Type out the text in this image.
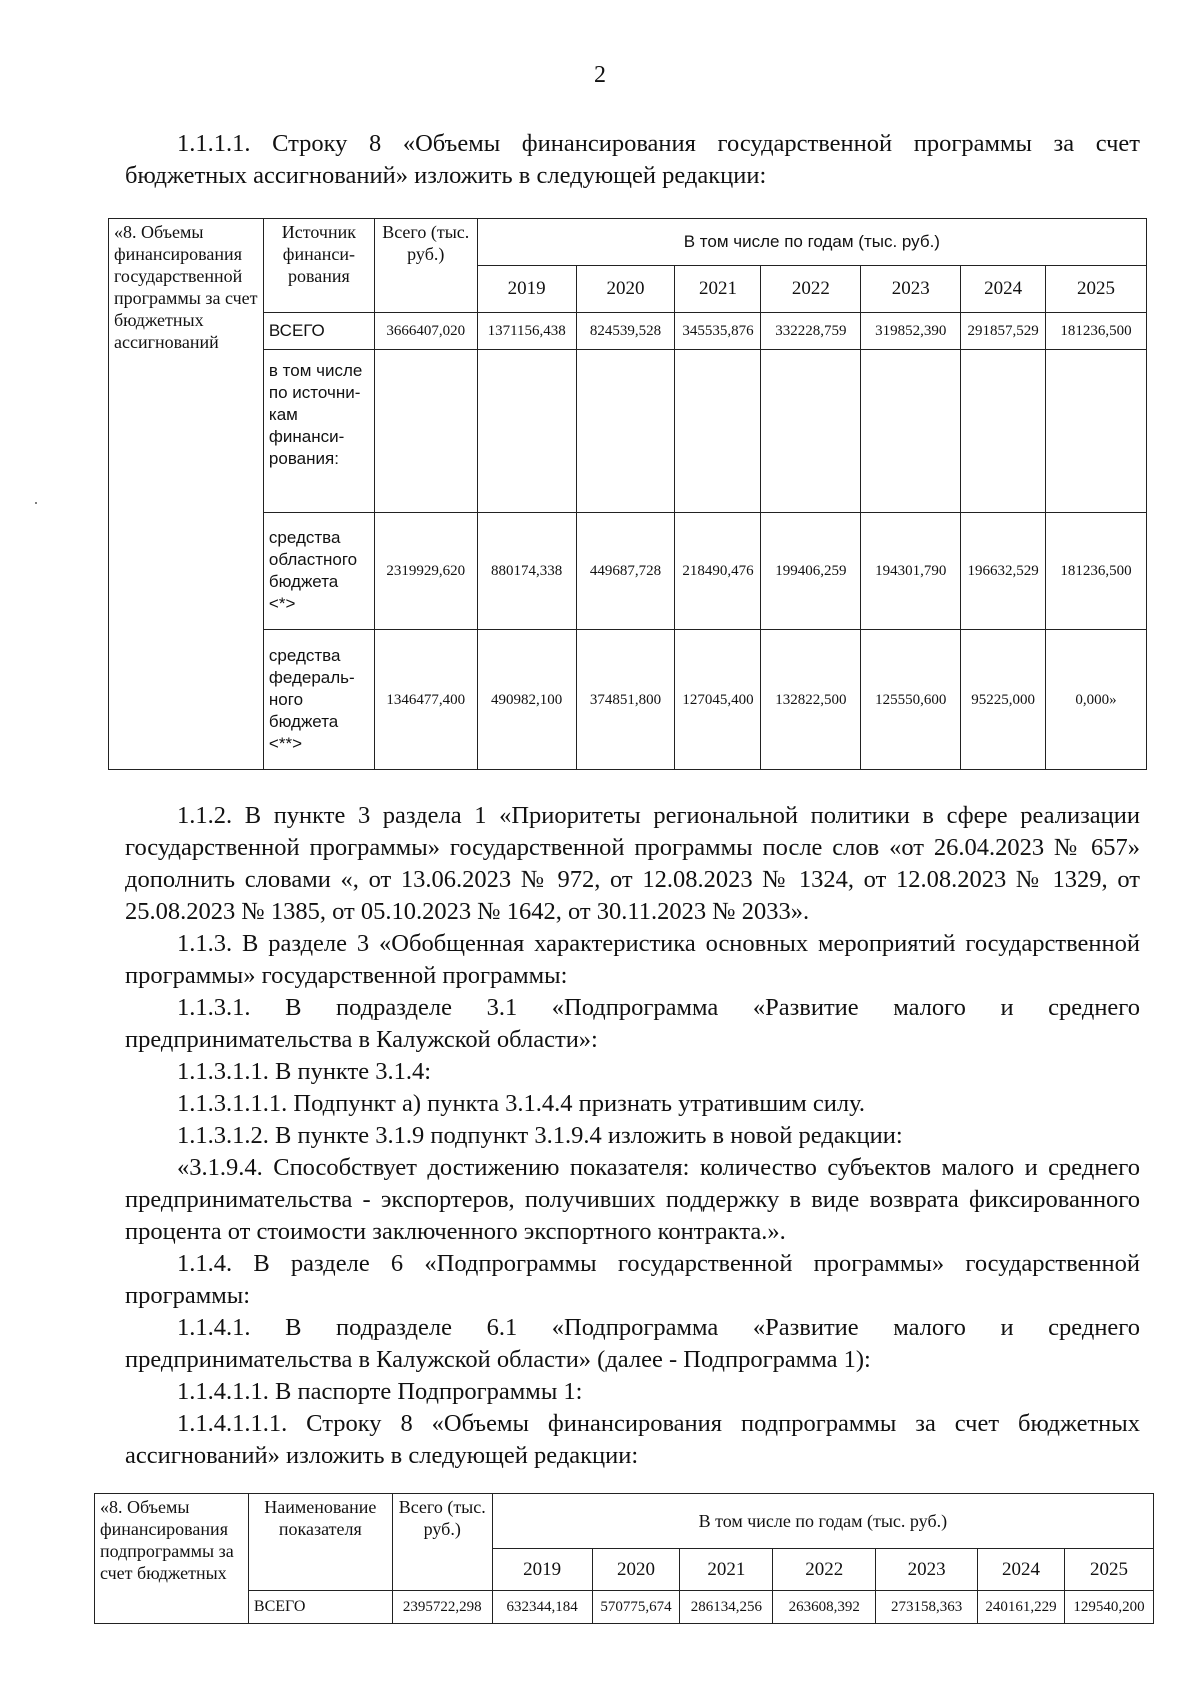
2
1.1.1.1. Строку 8 «Объемы финансирования государственной программы за счет
бюджетных ассигнований» изложить в следующей редакции:
«8. Объемы финансирования государственной программы за счет бюджетных ассигнований	Источник финанси-рования	Всего (тыс. руб.)	В том числе по годам (тыс. руб.)						
			2019	2020	2021	2022	2023	2024	2025
	ВСЕГО	3666407,020	1371156,438	824539,528	345535,876	332228,759	319852,390	291857,529	181236,500
	в том числе по источни-кам финанси-рования:								
	средства областного бюджета <*>	2319929,620	880174,338	449687,728	218490,476	199406,259	194301,790	196632,529	181236,500
	средства федераль-ного бюджета <**>	1346477,400	490982,100	374851,800	127045,400	132822,500	125550,600	95225,000	0,000»
1.1.2. В пункте 3 раздела 1 «Приоритеты региональной политики в сфере реализации государственной программы» государственной программы после слов «от 26.04.2023 № 657» дополнить словами «, от 13.06.2023 № 972, от 12.08.2023 № 1324, от 12.08.2023 № 1329, от 25.08.2023 № 1385, от 05.10.2023 № 1642, от 30.11.2023 № 2033».
1.1.3. В разделе 3 «Обобщенная характеристика основных мероприятий государственной программы» государственной программы:
1.1.3.1. В подразделе 3.1 «Подпрограмма «Развитие малого и среднего предпринимательства в Калужской области»:
1.1.3.1.1. В пункте 3.1.4:
1.1.3.1.1.1. Подпункт а) пункта 3.1.4.4 признать утратившим силу.
1.1.3.1.2. В пункте 3.1.9 подпункт 3.1.9.4 изложить в новой редакции:
«3.1.9.4. Способствует достижению показателя: количество субъектов малого и среднего предпринимательства - экспортеров, получивших поддержку в виде возврата фиксированного процента от стоимости заключенного экспортного контракта.».
1.1.4. В разделе 6 «Подпрограммы государственной программы» государственной программы:
1.1.4.1. В подразделе 6.1 «Подпрограмма «Развитие малого и среднего предпринимательства в Калужской области» (далее - Подпрограмма 1):
1.1.4.1.1. В паспорте Подпрограммы 1:
1.1.4.1.1.1. Строку 8 «Объемы финансирования подпрограммы за счет бюджетных ассигнований» изложить в следующей редакции:
«8. Объемы финансирования подпрограммы за счет бюджетных	Наименование показателя	Всего (тыс. руб.)	В том числе по годам (тыс. руб.)						
			2019	2020	2021	2022	2023	2024	2025
	ВСЕГО	2395722,298	632344,184	570775,674	286134,256	263608,392	273158,363	240161,229	129540,200
